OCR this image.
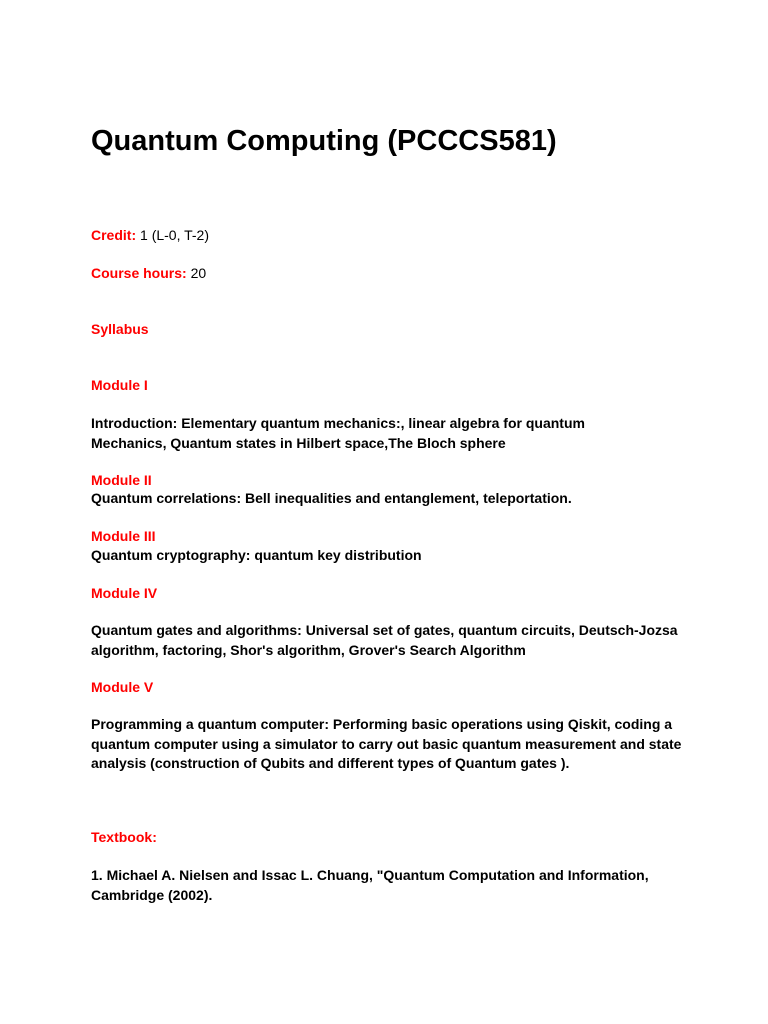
Quantum Computing (PCCCS581)
Credit: 1 (L-0, T-2)
Course hours: 20
Syllabus
Module I
Introduction: Elementary quantum mechanics:, linear algebra for quantum
Mechanics, Quantum states in Hilbert space,The Bloch sphere
Module II
Quantum correlations: Bell inequalities and entanglement, teleportation.
Module III
Quantum cryptography: quantum key distribution
Module IV
Quantum gates and algorithms: Universal set of gates, quantum circuits, Deutsch-Jozsa
algorithm, factoring, Shor's algorithm, Grover's Search Algorithm
Module V
Programming a quantum computer: Performing basic operations using Qiskit, coding a
quantum computer using a simulator to carry out basic quantum measurement and state
analysis (construction of Qubits and different types of Quantum gates ).
Textbook:
1. Michael A. Nielsen and Issac L. Chuang, "Quantum Computation and Information,
Cambridge (2002).
